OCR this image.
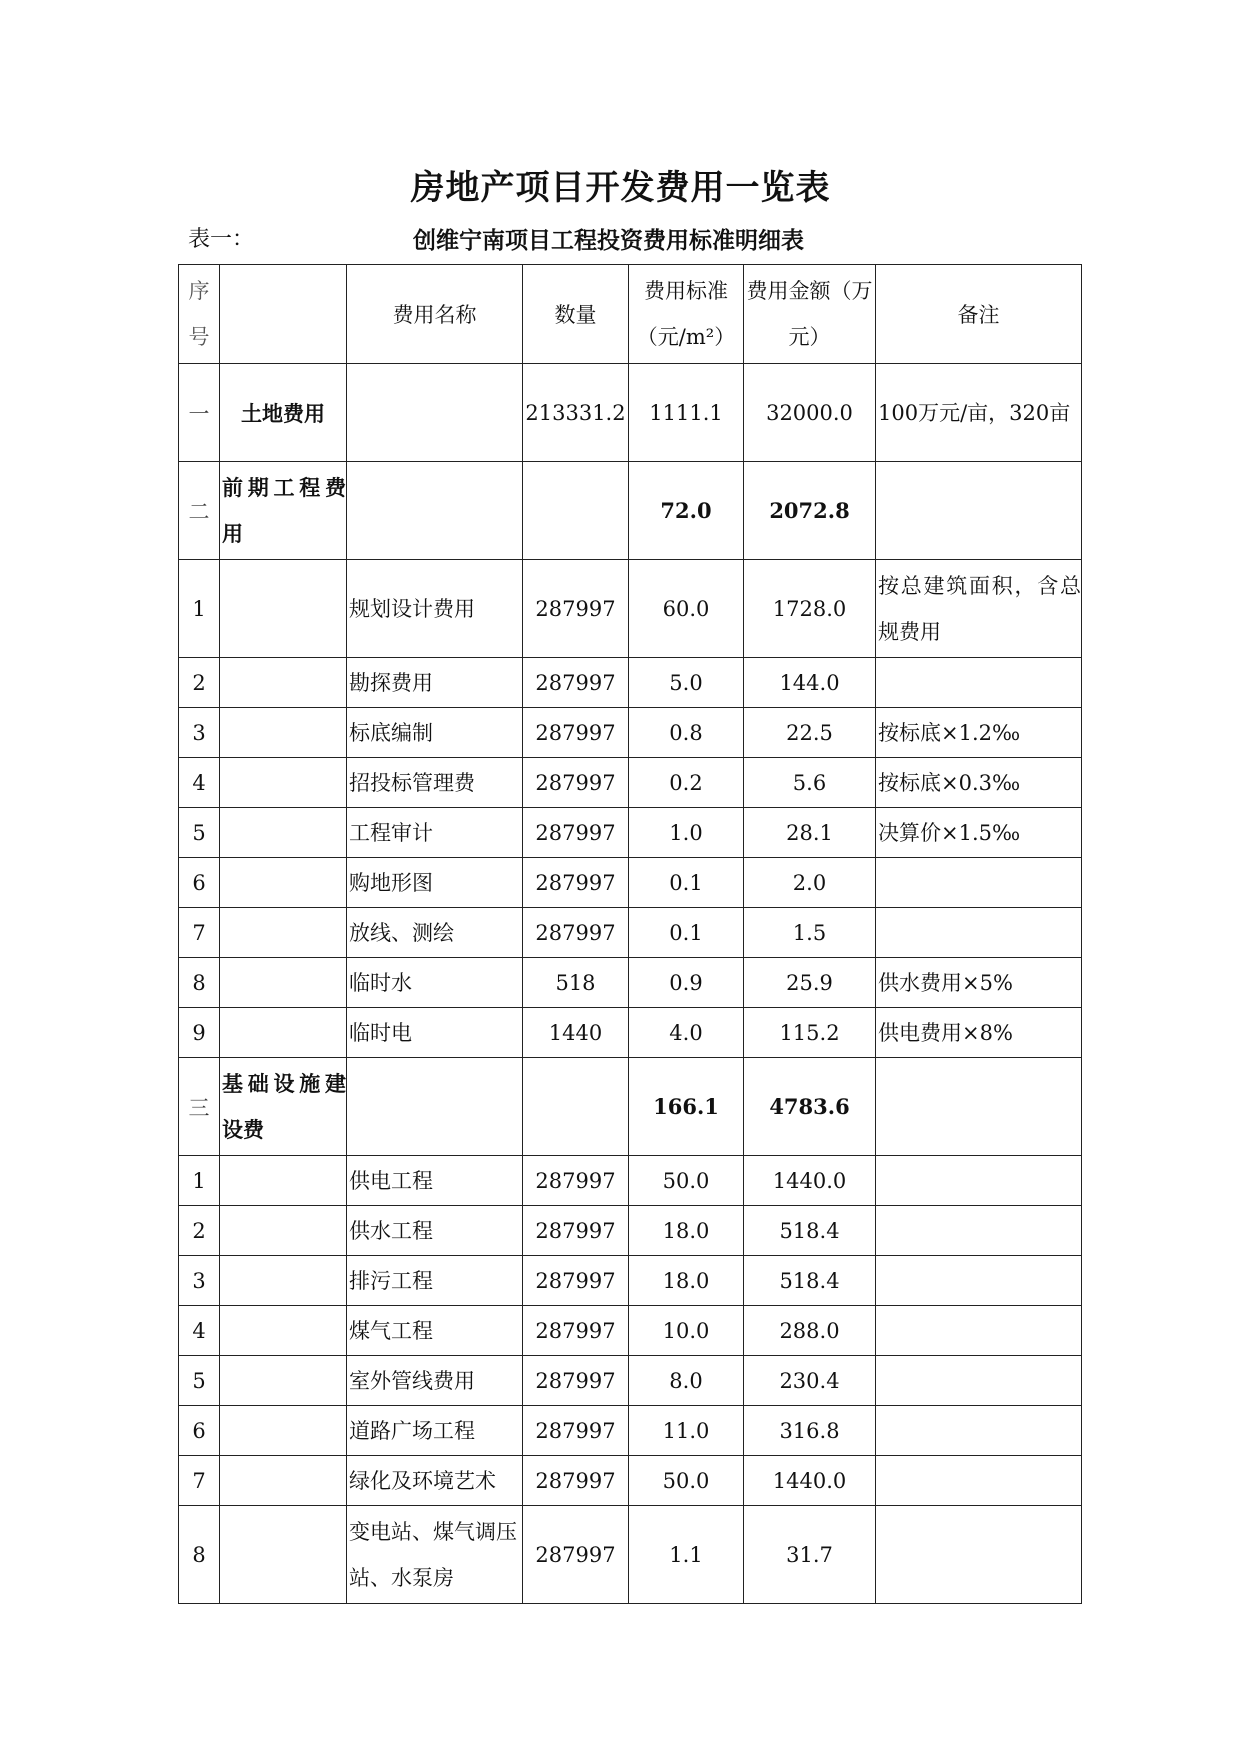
房地产项目开发费用一览表
表一：	创维宁南项目工程投资费用标准明细表
序号		费用名称	数量	费用标准（元/m²）	费用金额（万元）	备注
一	土地费用		213331.2	1111.1	32000.0	100万元/亩，320亩
二	前期工程费用			72.0	2072.8	
1		规划设计费用	287997	60.0	1728.0	按总建筑面积，含总规费用
2		勘探费用	287997	5.0	144.0	
3		标底编制	287997	0.8	22.5	按标底×1.2‰
4		招投标管理费	287997	0.2	5.6	按标底×0.3‰
5		工程审计	287997	1.0	28.1	决算价×1.5‰
6		购地形图	287997	0.1	2.0	
7		放线、测绘	287997	0.1	1.5	
8		临时水	518	0.9	25.9	供水费用×5%
9		临时电	1440	4.0	115.2	供电费用×8%
三	基础设施建设费			166.1	4783.6	
1		供电工程	287997	50.0	1440.0	
2		供水工程	287997	18.0	518.4	
3		排污工程	287997	18.0	518.4	
4		煤气工程	287997	10.0	288.0	
5		室外管线费用	287997	8.0	230.4	
6		道路广场工程	287997	11.0	316.8	
7		绿化及环境艺术	287997	50.0	1440.0	
8		变电站、煤气调压站、水泵房	287997	1.1	31.7	
